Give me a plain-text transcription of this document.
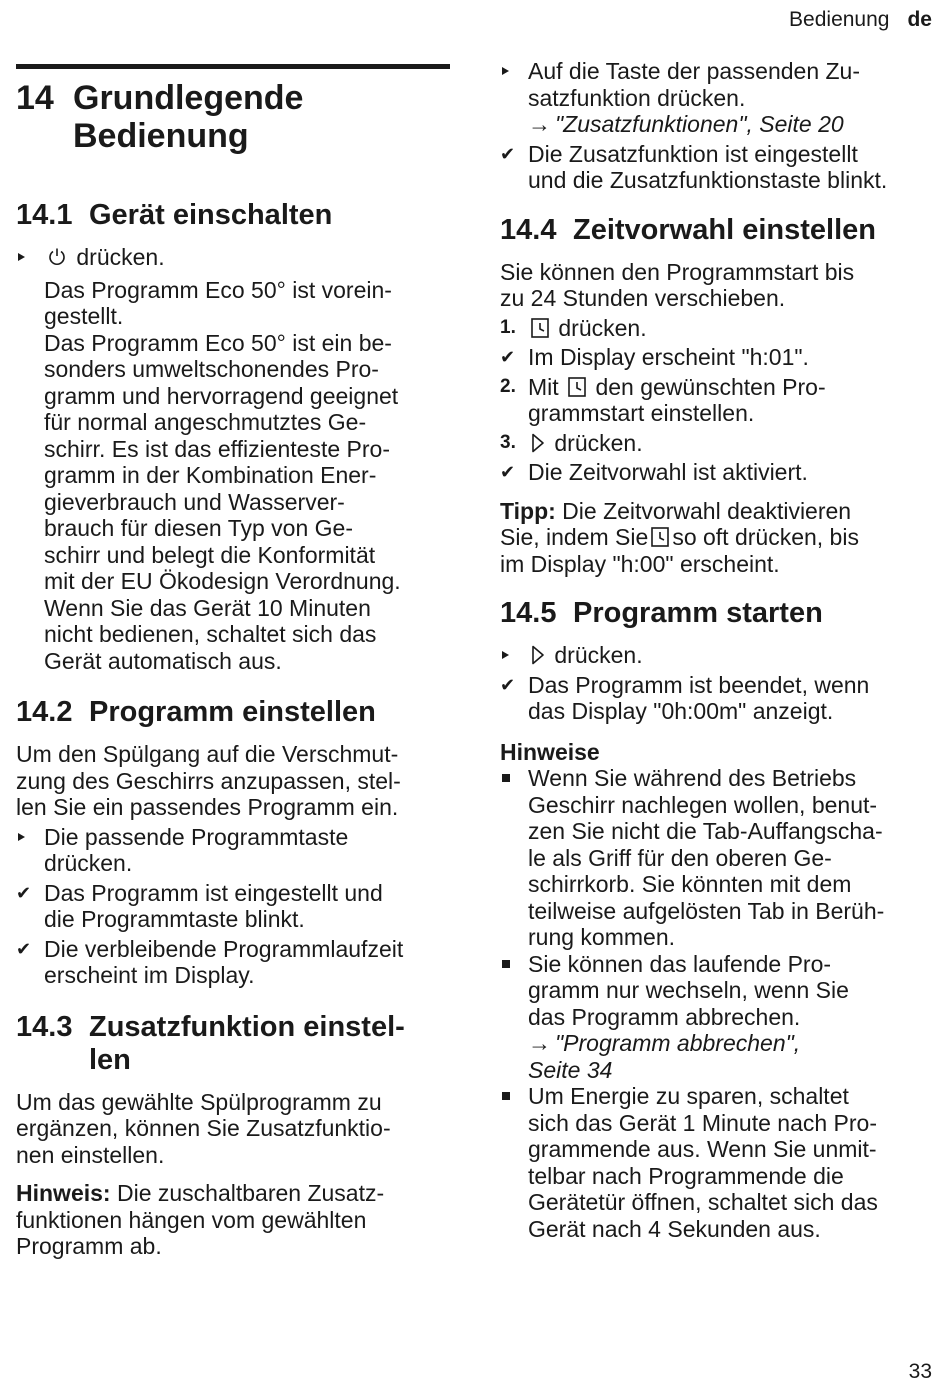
Bedienung de
14 Grundlegende
Bedienung
14.1 Gerät einschalten
drücken.

Das Programm Eco 50° ist vorein-

gestellt.

Das Programm Eco 50° ist ein be-

sonders umweltschonendes Pro-

gramm und hervorragend geeignet

für normal angeschmutztes Ge-

schirr. Es ist das effizienteste Pro-

gramm in der Kombination Ener-

gieverbrauch und Wasserver-

brauch für diesen Typ von Ge-

schirr und belegt die Konformität

mit der EU Ökodesign Verordnung.

Wenn Sie das Gerät 10 Minuten

nicht bedienen, schaltet sich das

Gerät automatisch aus.

14.2 Programm einstellen

Um den Spülgang auf die Verschmut-

zung des Geschirrs anzupassen, stel-

len Sie ein passendes Programm ein.

Die passende Programmtaste
drücken.
✔ Das Programm ist eingestellt und
die Programmtaste blinkt.
✔ Die verbleibende Programmlaufzeit
erscheint im Display.
14.3 Zusatzfunktion einstel-
len

Um das gewählte Spülprogramm zu

ergänzen, können Sie Zusatzfunktio-

nen einstellen.

Hinweis: Die zuschaltbaren Zusatz-

funktionen hängen vom gewählten

Programm ab.

Auf die Taste der passenden Zu-
satzfunktion drücken.
→ "Zusatzfunktionen", Seite 20
✔ Die Zusatzfunktion ist eingestellt
und die Zusatzfunktionstaste blinkt.
14.4 Zeitvorwahl einstellen

Sie können den Programmstart bis

zu 24 Stunden verschieben.

1.	drücken.
✔ Im Display erscheint "h:01".
2. Mit den gewünschten Pro-
grammstart einstellen.
3.	drücken.
✔ Die Zeitvorwahl ist aktiviert.

Tipp: Die Zeitvorwahl deaktivieren

Sie, indem Sie so oft drücken, bis

im Display "h:00" erscheint.

14.5 Programm starten
drücken.
✔ Das Programm ist beendet, wenn
das Display "0h:00m" anzeigt.

Hinweise

Wenn Sie während des Betriebs
Geschirr nachlegen wollen, benut-
zen Sie nicht die Tab-Auffangscha-
le als Griff für den oberen Ge-
schirrkorb. Sie könnten mit dem
teilweise aufgelösten Tab in Berüh-
rung kommen.
Sie können das laufende Pro-
gramm nur wechseln, wenn Sie
das Programm abbrechen.
→ "Programm abbrechen",
Seite 34
Um Energie zu sparen, schaltet
sich das Gerät 1 Minute nach Pro-
grammende aus. Wenn Sie unmit-
telbar nach Programmende die
Gerätetür öffnen, schaltet sich das
Gerät nach 4 Sekunden aus.
33
